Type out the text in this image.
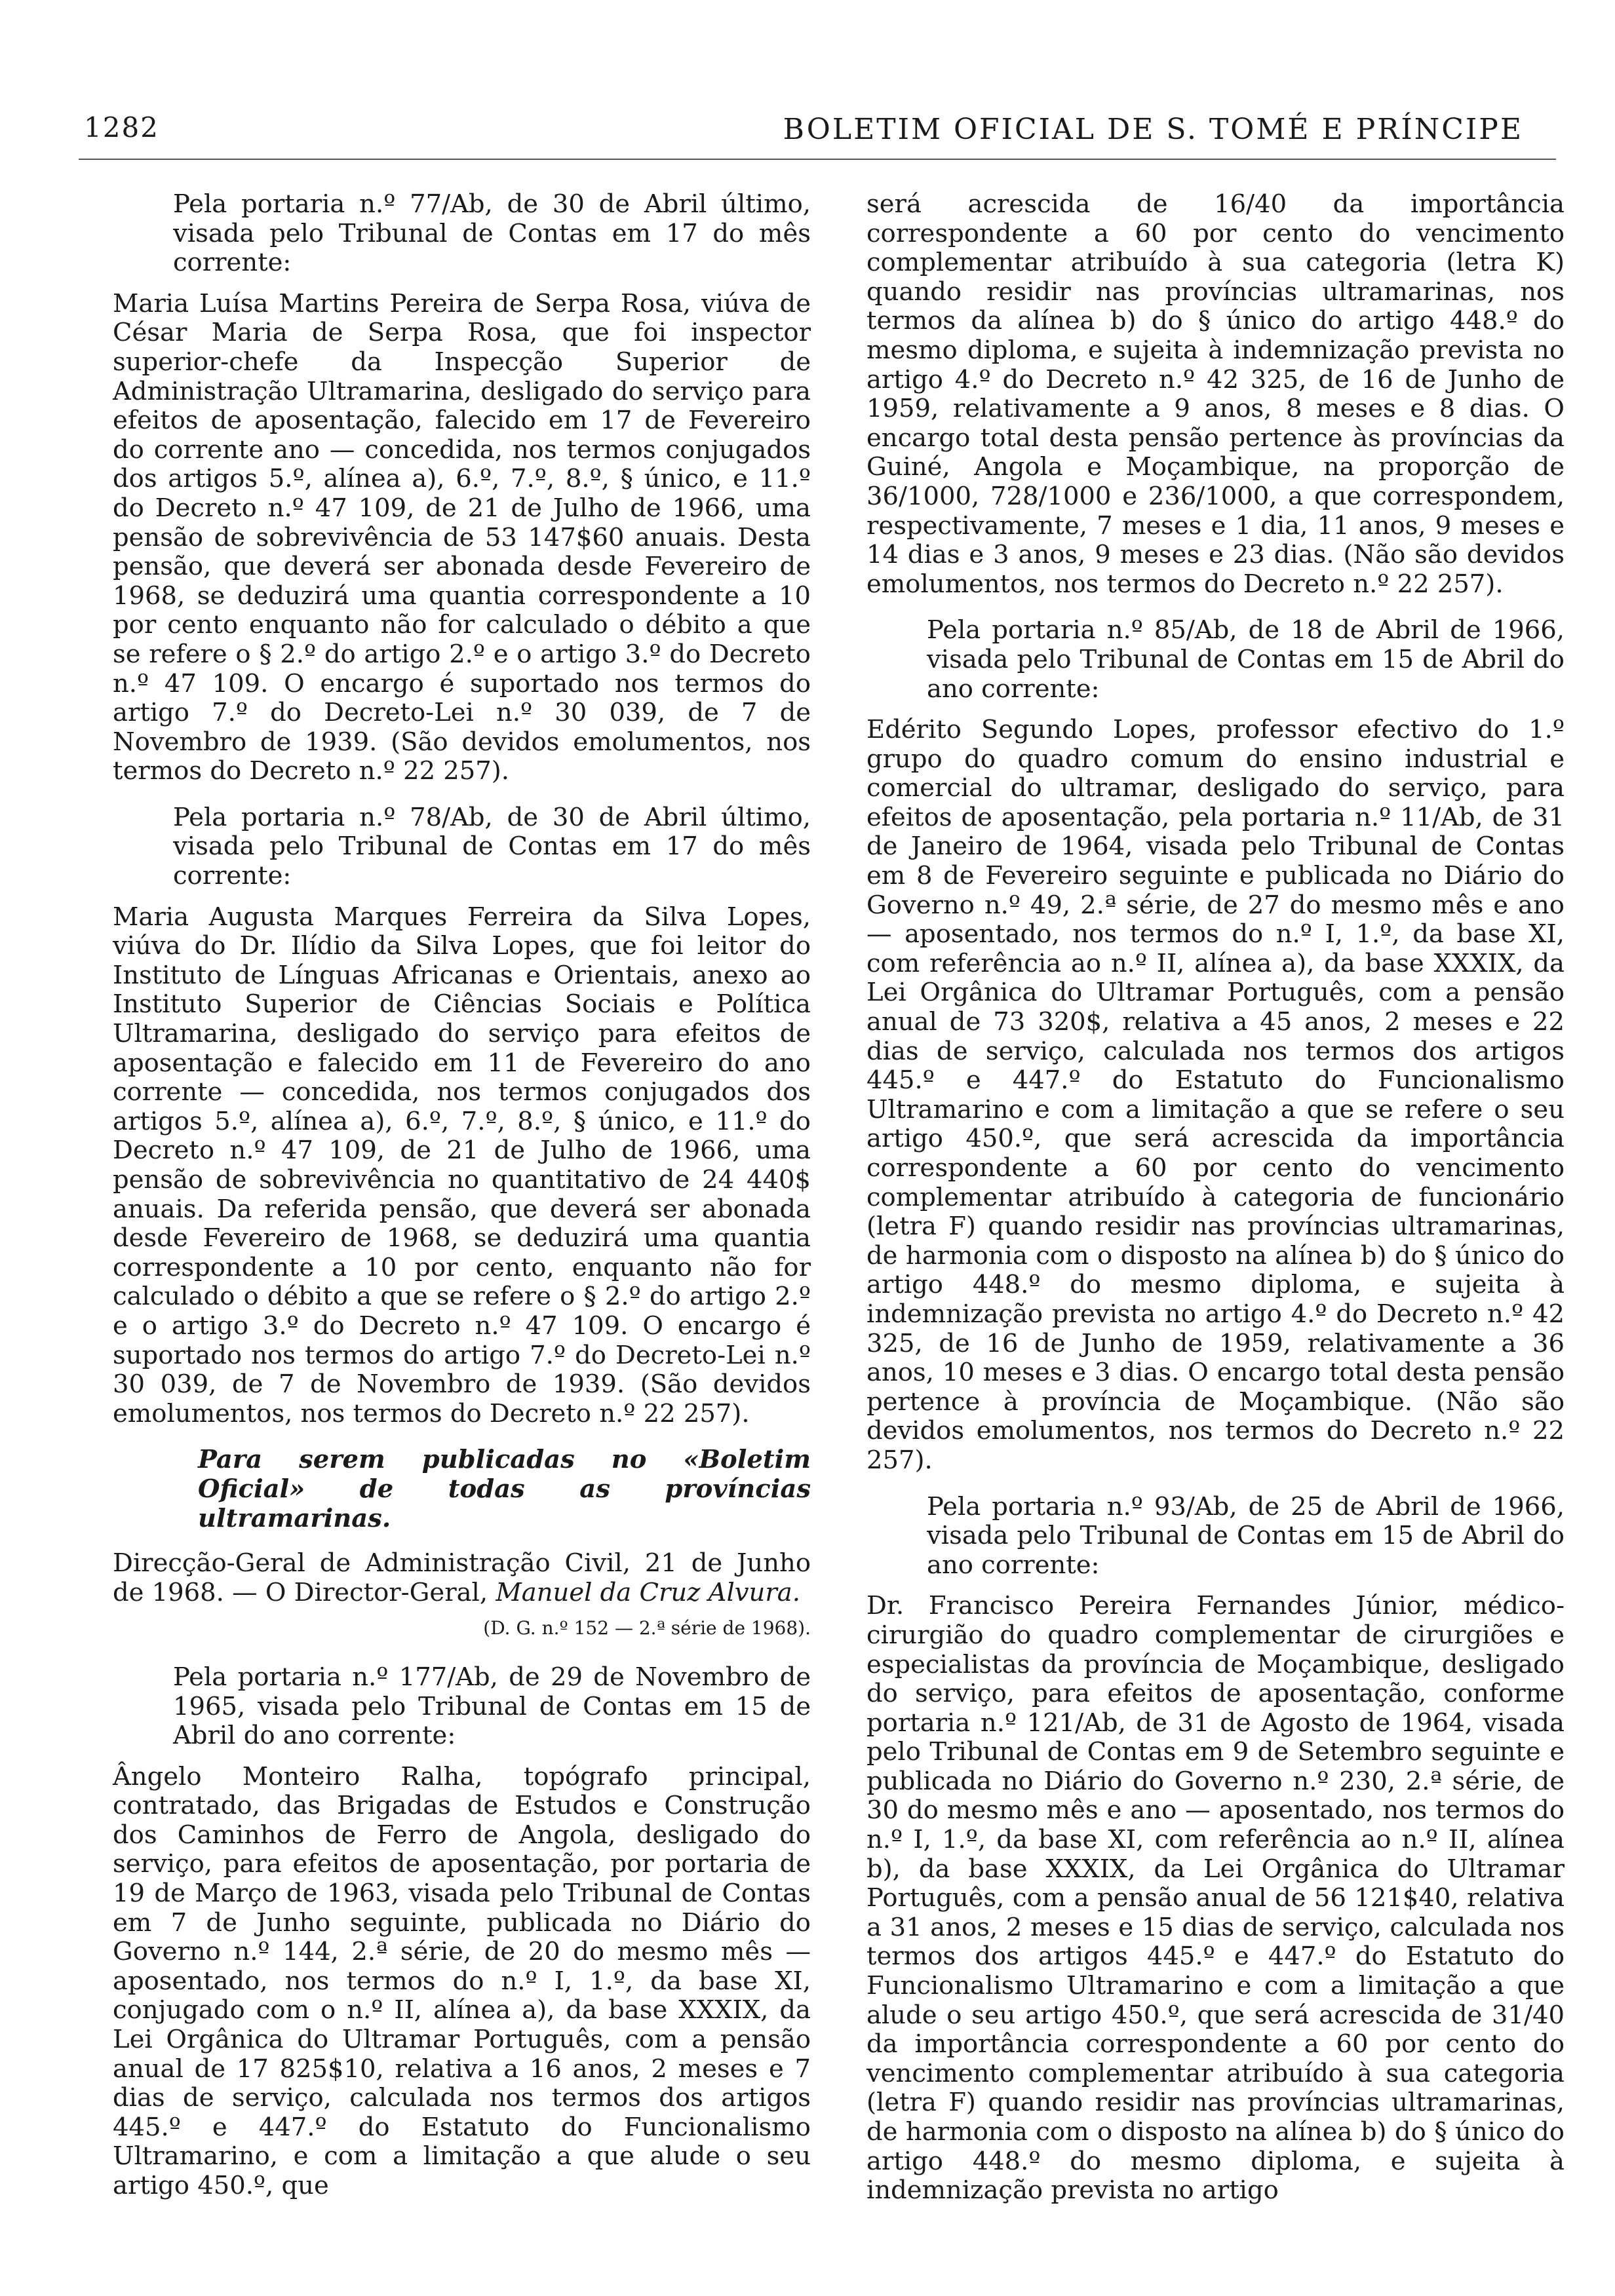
1282	BOLETIM OFICIAL DE S. TOMÉ E PRÍNCIPE

Pela portaria n.º 77/Ab, de 30 de Abril último, visada pelo Tribunal de Contas em 17 do mês corrente:

Maria Luísa Martins Pereira de Serpa Rosa, viúva de César Maria de Serpa Rosa, que foi inspector superior-chefe da Inspecção Superior de Administração Ultramarina, desligado do serviço para efeitos de aposentação, falecido em 17 de Fevereiro do corrente ano — concedida, nos termos conjugados dos artigos 5.º, alínea a), 6.º, 7.º, 8.º, § único, e 11.º do Decreto n.º 47 109, de 21 de Julho de 1966, uma pensão de sobrevivência de 53 147$60 anuais. Desta pensão, que deverá ser abonada desde Fevereiro de 1968, se deduzirá uma quantia correspondente a 10 por cento enquanto não for calculado o débito a que se refere o § 2.º do artigo 2.º e o artigo 3.º do Decreto n.º 47 109. O encargo é suportado nos termos do artigo 7.º do Decreto-Lei n.º 30 039, de 7 de Novembro de 1939. (São devidos emolumentos, nos termos do Decreto n.º 22 257).

Pela portaria n.º 78/Ab, de 30 de Abril último, visada pelo Tribunal de Contas em 17 do mês corrente:

Maria Augusta Marques Ferreira da Silva Lopes, viúva do Dr. Ilídio da Silva Lopes, que foi leitor do Instituto de Línguas Africanas e Orientais, anexo ao Instituto Superior de Ciências Sociais e Política Ultramarina, desligado do serviço para efeitos de aposentação e falecido em 11 de Fevereiro do ano corrente — concedida, nos termos conjugados dos artigos 5.º, alínea a), 6.º, 7.º, 8.º, § único, e 11.º do Decreto n.º 47 109, de 21 de Julho de 1966, uma pensão de sobrevivência no quantitativo de 24 440$ anuais. Da referida pensão, que deverá ser abonada desde Fevereiro de 1968, se deduzirá uma quantia correspondente a 10 por cento, enquanto não for calculado o débito a que se refere o § 2.º do artigo 2.º e o artigo 3.º do Decreto n.º 47 109. O encargo é suportado nos termos do artigo 7.º do Decreto-Lei n.º 30 039, de 7 de Novembro de 1939. (São devidos emolumentos, nos termos do Decreto n.º 22 257).

Para serem publicadas no «Boletim Oficial» de todas as províncias ultramarinas.

Direcção-Geral de Administração Civil, 21 de Junho de 1968. — O Director-Geral, Manuel da Cruz Alvura.

(D. G. n.º 152 — 2.ª série de 1968).

Pela portaria n.º 177/Ab, de 29 de Novembro de 1965, visada pelo Tribunal de Contas em 15 de Abril do ano corrente:

Ângelo Monteiro Ralha, topógrafo principal, contratado, das Brigadas de Estudos e Construção dos Caminhos de Ferro de Angola, desligado do serviço, para efeitos de aposentação, por portaria de 19 de Março de 1963, visada pelo Tribunal de Contas em 7 de Junho seguinte, publicada no Diário do Governo n.º 144, 2.ª série, de 20 do mesmo mês — aposentado, nos termos do n.º I, 1.º, da base XI, conjugado com o n.º II, alínea a), da base XXXIX, da Lei Orgânica do Ultramar Português, com a pensão anual de 17 825$10, relativa a 16 anos, 2 meses e 7 dias de serviço, calculada nos termos dos artigos 445.º e 447.º do Estatuto do Funcionalismo Ultramarino, e com a limitação a que alude o seu artigo 450.º, que

será acrescida de 16/40 da importância correspondente a 60 por cento do vencimento complementar atribuído à sua categoria (letra K) quando residir nas províncias ultramarinas, nos termos da alínea b) do § único do artigo 448.º do mesmo diploma, e sujeita à indemnização prevista no artigo 4.º do Decreto n.º 42 325, de 16 de Junho de 1959, relativamente a 9 anos, 8 meses e 8 dias. O encargo total desta pensão pertence às províncias da Guiné, Angola e Moçambique, na proporção de 36/1000, 728/1000 e 236/1000, a que correspondem, respectivamente, 7 meses e 1 dia, 11 anos, 9 meses e 14 dias e 3 anos, 9 meses e 23 dias. (Não são devidos emolumentos, nos termos do Decreto n.º 22 257).

Pela portaria n.º 85/Ab, de 18 de Abril de 1966, visada pelo Tribunal de Contas em 15 de Abril do ano corrente:

Edérito Segundo Lopes, professor efectivo do 1.º grupo do quadro comum do ensino industrial e comercial do ultramar, desligado do serviço, para efeitos de aposentação, pela portaria n.º 11/Ab, de 31 de Janeiro de 1964, visada pelo Tribunal de Contas em 8 de Fevereiro seguinte e publicada no Diário do Governo n.º 49, 2.ª série, de 27 do mesmo mês e ano — aposentado, nos termos do n.º I, 1.º, da base XI, com referência ao n.º II, alínea a), da base XXXIX, da Lei Orgânica do Ultramar Português, com a pensão anual de 73 320$, relativa a 45 anos, 2 meses e 22 dias de serviço, calculada nos termos dos artigos 445.º e 447.º do Estatuto do Funcionalismo Ultramarino e com a limitação a que se refere o seu artigo 450.º, que será acrescida da importância correspondente a 60 por cento do vencimento complementar atribuído à categoria de funcionário (letra F) quando residir nas províncias ultramarinas, de harmonia com o disposto na alínea b) do § único do artigo 448.º do mesmo diploma, e sujeita à indemnização prevista no artigo 4.º do Decreto n.º 42 325, de 16 de Junho de 1959, relativamente a 36 anos, 10 meses e 3 dias. O encargo total desta pensão pertence à província de Moçambique. (Não são devidos emolumentos, nos termos do Decreto n.º 22 257).

Pela portaria n.º 93/Ab, de 25 de Abril de 1966, visada pelo Tribunal de Contas em 15 de Abril do ano corrente:

Dr. Francisco Pereira Fernandes Júnior, médico-cirurgião do quadro complementar de cirurgiões e especialistas da província de Moçambique, desligado do serviço, para efeitos de aposentação, conforme portaria n.º 121/Ab, de 31 de Agosto de 1964, visada pelo Tribunal de Contas em 9 de Setembro seguinte e publicada no Diário do Governo n.º 230, 2.ª série, de 30 do mesmo mês e ano — aposentado, nos termos do n.º I, 1.º, da base XI, com referência ao n.º II, alínea b), da base XXXIX, da Lei Orgânica do Ultramar Português, com a pensão anual de 56 121$40, relativa a 31 anos, 2 meses e 15 dias de serviço, calculada nos termos dos artigos 445.º e 447.º do Estatuto do Funcionalismo Ultramarino e com a limitação a que alude o seu artigo 450.º, que será acrescida de 31/40 da importância correspondente a 60 por cento do vencimento complementar atribuído à sua categoria (letra F) quando residir nas províncias ultramarinas, de harmonia com o disposto na alínea b) do § único do artigo 448.º do mesmo diploma, e sujeita à indemnização prevista no artigo
